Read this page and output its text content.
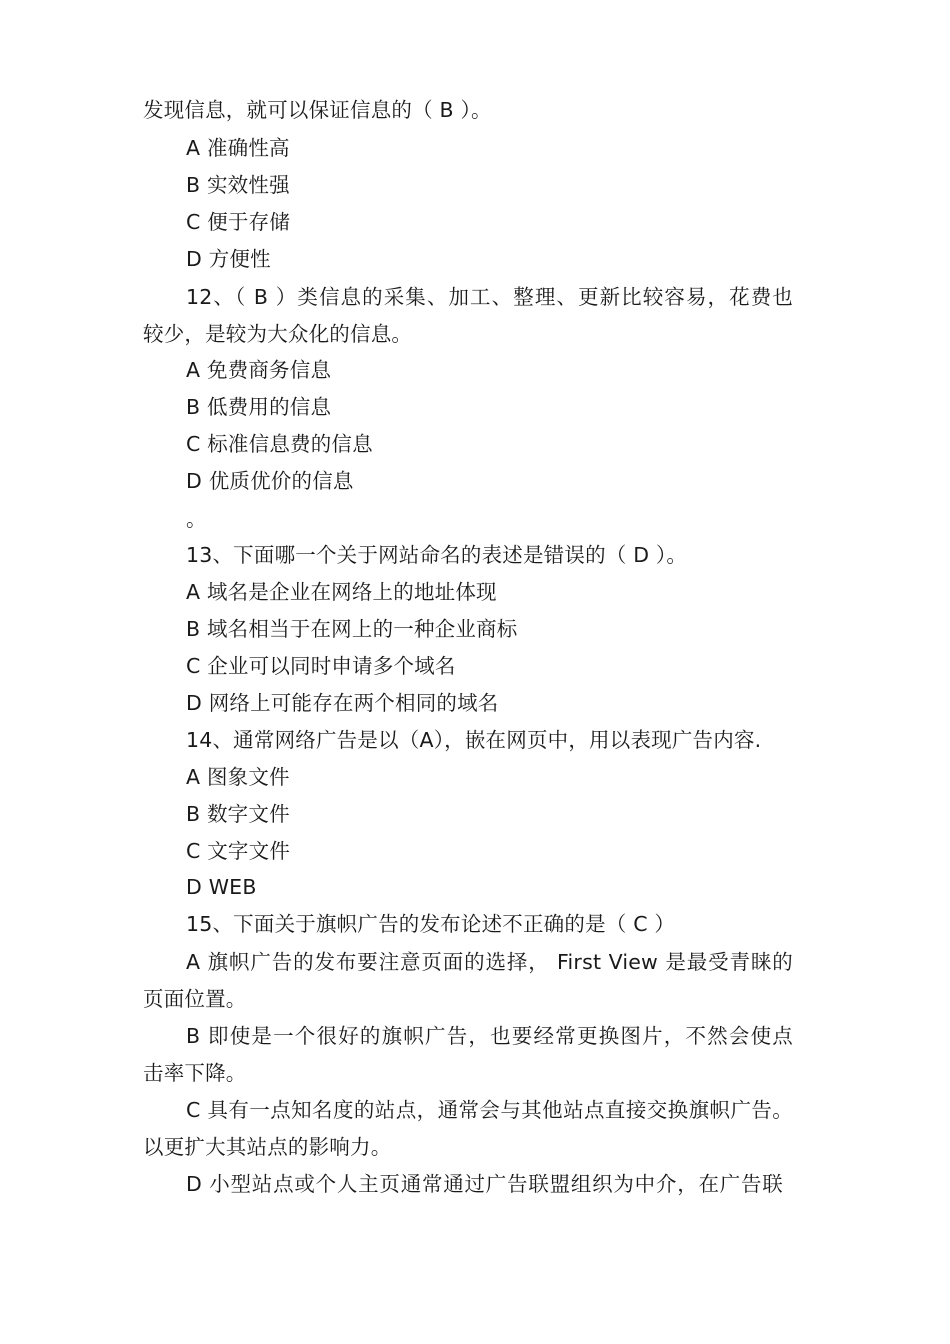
发现信息，就可以保证信息的（ B ）。
A 准确性高
B 实效性强
C 便于存储
D 方便性
12、（ B ）类信息的采集、加工、整理、更新比较容易，花费也
较少，是较为大众化的信息。
A 免费商务信息
B 低费用的信息
C 标准信息费的信息
D 优质优价的信息
。
13、下面哪一个关于网站命名的表述是错误的（ D ）。
A 域名是企业在网络上的地址体现
B 域名相当于在网上的一种企业商标
C 企业可以同时申请多个域名
D 网络上可能存在两个相同的域名
14、通常网络广告是以（A），嵌在网页中，用以表现广告内容.
A 图象文件
B 数字文件
C 文字文件
D WEB
15、下面关于旗帜广告的发布论述不正确的是（ C ）
A 旗帜广告的发布要注意页面的选择， First View 是最受青睐的
页面位置。
B 即使是一个很好的旗帜广告，也要经常更换图片，不然会使点
击率下降。
C 具有一点知名度的站点，通常会与其他站点直接交换旗帜广告。
以更扩大其站点的影响力。
D 小型站点或个人主页通常通过广告联盟组织为中介，在广告联
